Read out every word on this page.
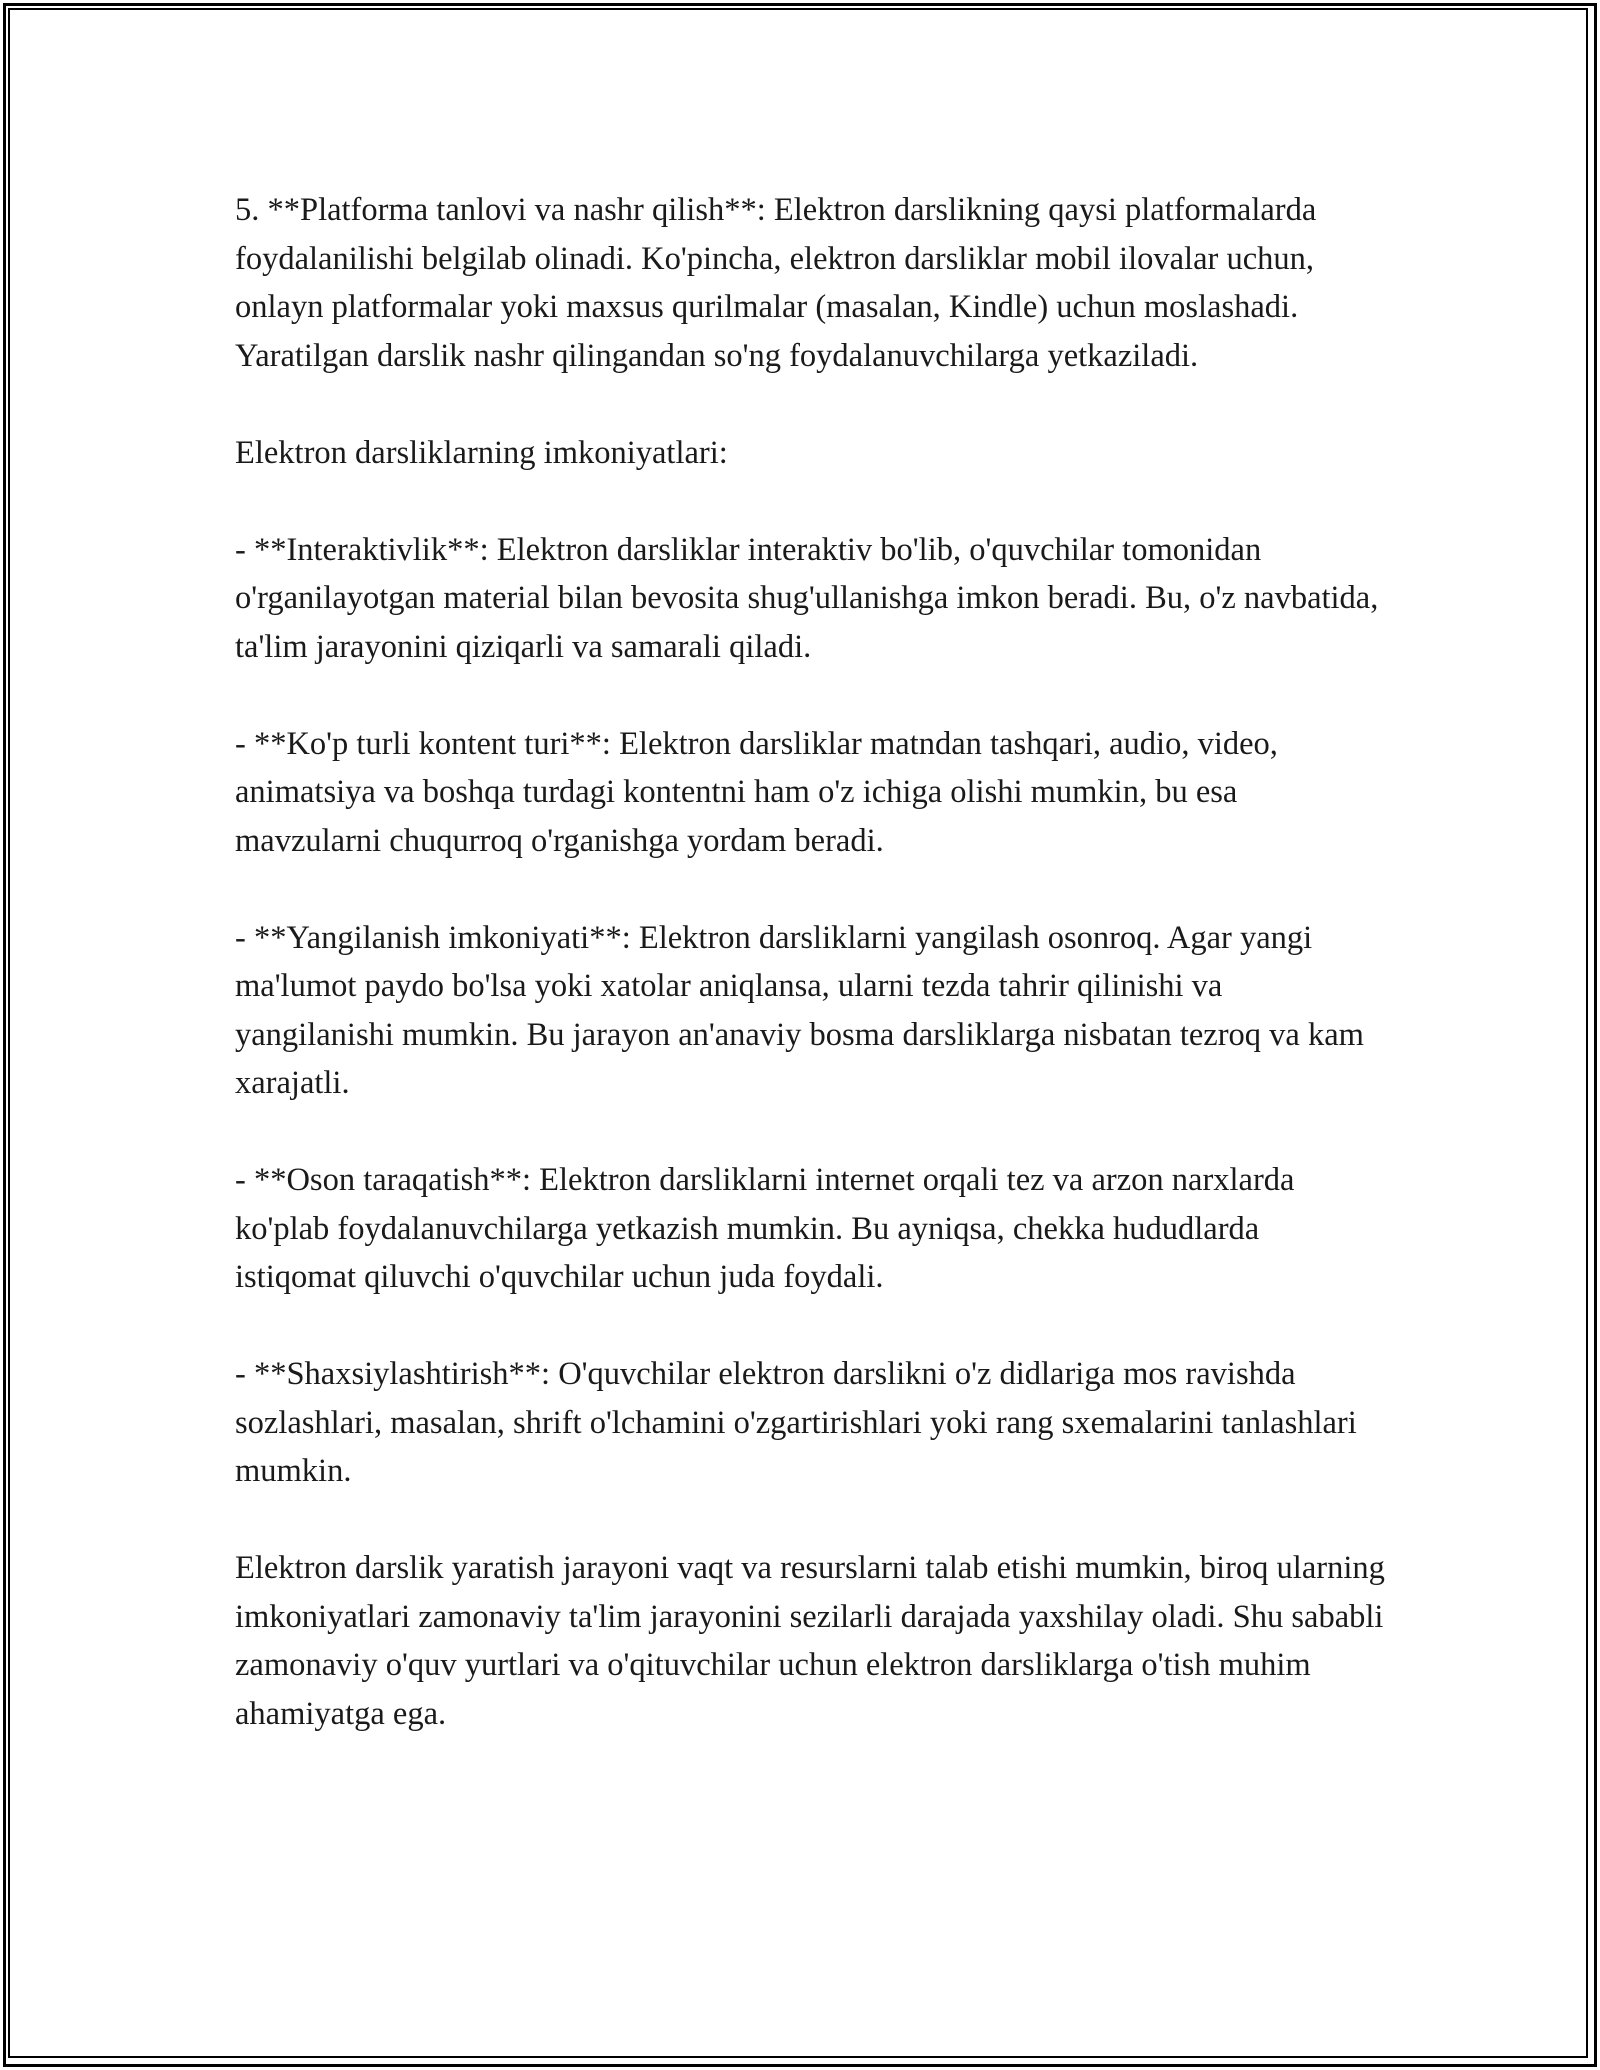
5. **Platforma tanlovi va nashr qilish**: Elektron darslikning qaysi platformalarda foydalanilishi belgilab olinadi. Ko'pincha, elektron darsliklar mobil ilovalar uchun, onlayn platformalar yoki maxsus qurilmalar (masalan, Kindle) uchun moslashadi. Yaratilgan darslik nashr qilingandan so'ng foydalanuvchilarga yetkaziladi.

Elektron darsliklarning imkoniyatlari:

- **Interaktivlik**: Elektron darsliklar interaktiv bo'lib, o'quvchilar tomonidan o'rganilayotgan material bilan bevosita shug'ullanishga imkon beradi. Bu, o'z navbatida, ta'lim jarayonini qiziqarli va samarali qiladi.

- **Ko'p turli kontent turi**: Elektron darsliklar matndan tashqari, audio, video, animatsiya va boshqa turdagi kontentni ham o'z ichiga olishi mumkin, bu esa mavzularni chuqurroq o'rganishga yordam beradi.

- **Yangilanish imkoniyati**: Elektron darsliklarni yangilash osonroq. Agar yangi ma'lumot paydo bo'lsa yoki xatolar aniqlansa, ularni tezda tahrir qilinishi va yangilanishi mumkin. Bu jarayon an'anaviy bosma darsliklarga nisbatan tezroq va kam xarajatli.

- **Oson taraqatish**: Elektron darsliklarni internet orqali tez va arzon narxlarda ko'plab foydalanuvchilarga yetkazish mumkin. Bu ayniqsa, chekka hududlarda istiqomat qiluvchi o'quvchilar uchun juda foydali.

- **Shaxsiylashtirish**: O'quvchilar elektron darslikni o'z didlariga mos ravishda sozlashlari, masalan, shrift o'lchamini o'zgartirishlari yoki rang sxemalarini tanlashlari mumkin.

Elektron darslik yaratish jarayoni vaqt va resurslarni talab etishi mumkin, biroq ularning imkoniyatlari zamonaviy ta'lim jarayonini sezilarli darajada yaxshilay oladi. Shu sababli zamonaviy o'quv yurtlari va o'qituvchilar uchun elektron darsliklarga o'tish muhim ahamiyatga ega.
